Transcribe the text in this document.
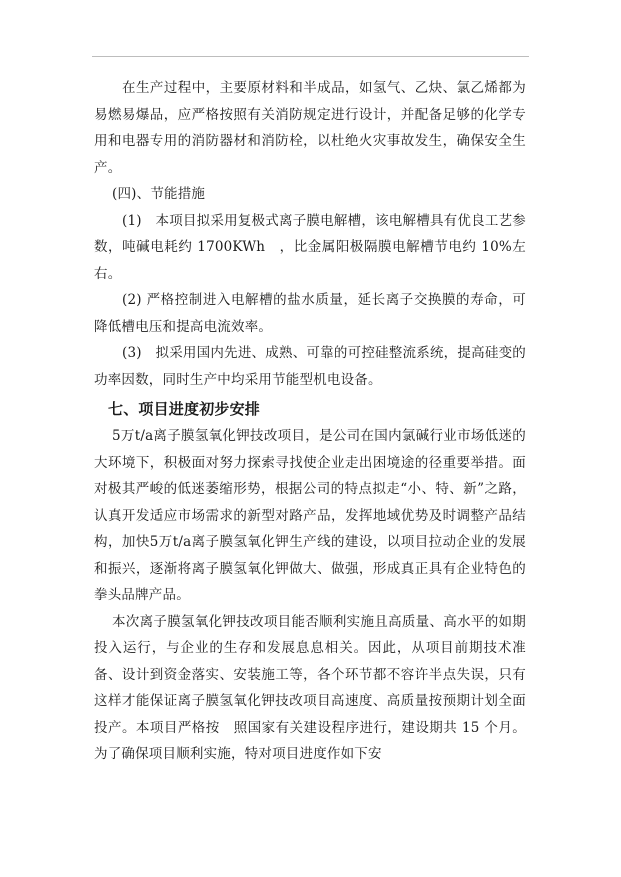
在生产过程中，主要原材料和半成品，如氢气、乙炔、氯乙烯都为易燃易爆品，应严格按照有关消防规定进行设计，并配备足够的化学专用和电器专用的消防器材和消防栓，以杜绝火灾事故发生，确保安全生产。

(四)、节能措施

(1)　本项目拟采用复极式离子膜电解槽，该电解槽具有优良工艺参数，吨碱电耗约 1700KWh　，比金属阳极隔膜电解槽节电约 10%左右。

(2) 严格控制进入电解槽的盐水质量，延长离子交换膜的寿命，可降低槽电压和提高电流效率。

(3)　拟采用国内先进、成熟、可靠的可控硅整流系统，提高硅变的功率因数，同时生产中均采用节能型机电设备。

七、项目进度初步安排

5万t/a离子膜氢氧化钾技改项目，是公司在国内氯碱行业市场低迷的大环境下，积极面对努力探索寻找使企业走出困境途的径重要举措。面对极其严峻的低迷萎缩形势，根据公司的特点拟走“小、特、新”之路，认真开发适应市场需求的新型对路产品，发挥地域优势及时调整产品结构，加快5万t/a离子膜氢氧化钾生产线的建设，以项目拉动企业的发展和振兴，逐渐将离子膜氢氧化钾做大、做强，形成真正具有企业特色的拳头品牌产品。

本次离子膜氢氧化钾技改项目能否顺利实施且高质量、高水平的如期投入运行，与企业的生存和发展息息相关。因此，从项目前期技术准备、设计到资金落实、安装施工等，各个环节都不容许半点失误，只有这样才能保证离子膜氢氧化钾技改项目高速度、高质量按预期计划全面投产。本项目严格按　照国家有关建设程序进行，建设期共 15 个月。为了确保项目顺利实施，特对项目进度作如下安
